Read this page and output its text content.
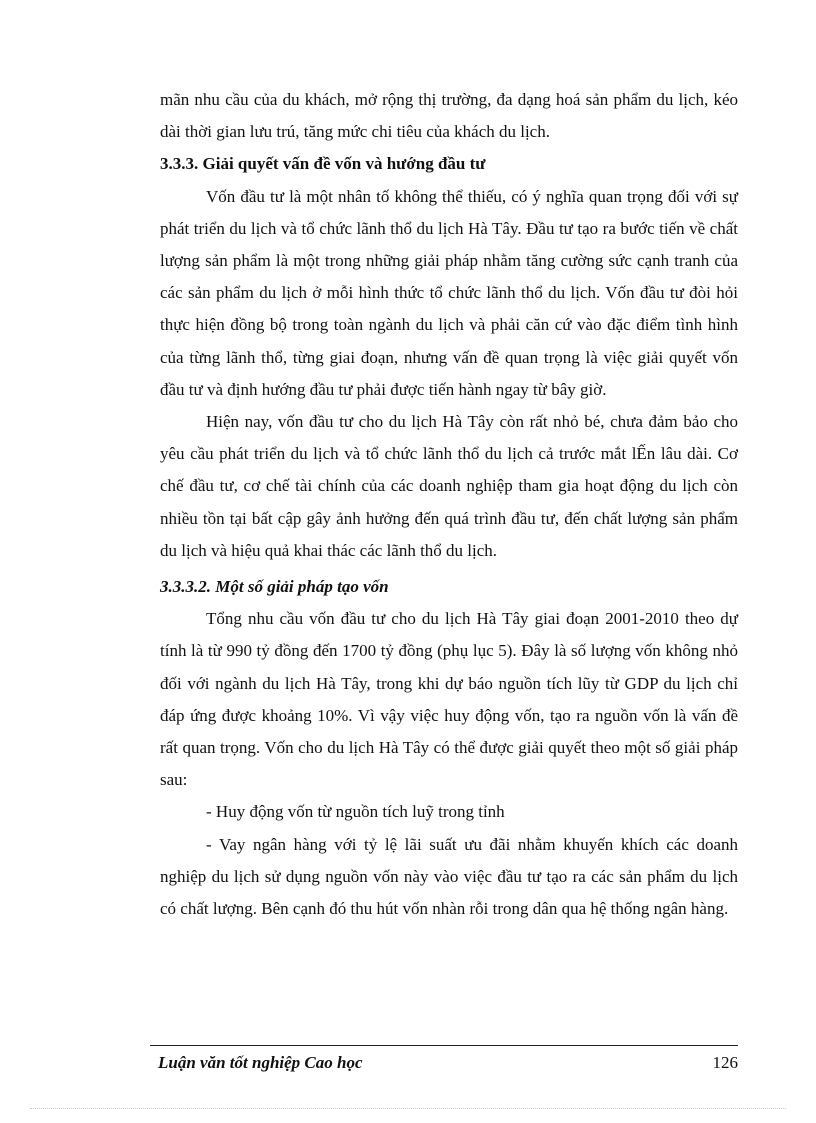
mãn nhu cầu của du khách, mở rộng thị trường, đa dạng hoá sản phẩm du lịch, kéo dài thời gian lưu trú, tăng mức chi tiêu của khách du lịch.

3.3.3. Giải quyết vấn đề vốn và hướng đầu tư

Vốn đầu tư là một nhân tố không thể thiếu, có ý nghĩa quan trọng đối với sự phát triển du lịch và tổ chức lãnh thổ du lịch Hà Tây. Đầu tư tạo ra bước tiến về chất lượng sản phẩm là một trong những giải pháp nhằm tăng cường sức cạnh tranh của các sản phẩm du lịch ở mỗi hình thức tổ chức lãnh thổ du lịch. Vốn đầu tư đòi hỏi thực hiện đồng bộ trong toàn ngành du lịch và phải căn cứ vào đặc điểm tình hình của từng lãnh thổ, từng giai đoạn, nhưng vấn đề quan trọng là việc giải quyết vốn đầu tư và định hướng đầu tư phải được tiến hành ngay từ bây giờ.

Hiện nay, vốn đầu tư cho du lịch Hà Tây còn rất nhỏ bé, chưa đảm bảo cho yêu cầu phát triển du lịch và tổ chức lãnh thổ du lịch cả trước mắt lẾn lâu dài. Cơ chế đầu tư, cơ chế tài chính của các doanh nghiệp tham gia hoạt động du lịch còn nhiều tồn tại bất cập gây ảnh hưởng đến quá trình đầu tư, đến chất lượng sản phẩm du lịch và hiệu quả khai thác các lãnh thổ du lịch.

3.3.3.2. Một số giải pháp tạo vốn

Tổng nhu cầu vốn đầu tư cho du lịch Hà Tây giai đoạn 2001-2010 theo dự tính là từ 990 tỷ đồng đến 1700 tỷ đồng (phụ lục 5). Đây là số lượng vốn không nhỏ đối với ngành du lịch Hà Tây, trong khi dự báo nguồn tích lũy từ GDP du lịch chỉ đáp ứng được khoảng 10%. Vì vậy việc huy động vốn, tạo ra nguồn vốn là vấn đề rất quan trọng. Vốn cho du lịch Hà Tây có thể được giải quyết theo một số giải pháp sau:

- Huy động vốn từ nguồn tích luỹ trong tỉnh

- Vay ngân hàng với tỷ lệ lãi suất ưu đãi nhằm khuyến khích các doanh nghiệp du lịch sử dụng nguồn vốn này vào việc đầu tư tạo ra các sản phẩm du lịch có chất lượng. Bên cạnh đó thu hút vốn nhàn rỗi trong dân qua hệ thống ngân hàng.

Luận văn tốt nghiệp Cao học	126
